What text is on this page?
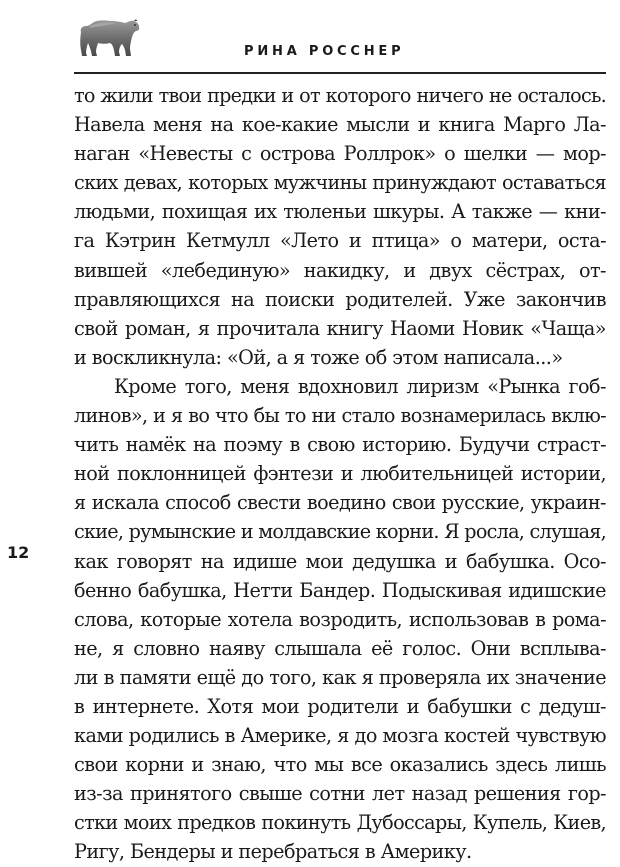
РИНА РОССНЕР
12
то жили твои предки и от которого ничего не осталось.
Навела меня на кое-какие мысли и книга Марго Ла-
наган «Невесты с острова Роллрок» о шелки — мор-
ских девах, которых мужчины принуждают оставаться
людьми, похищая их тюленьи шкуры. А также — кни-
га Кэтрин Кетмулл «Лето и птица» о матери, оста-
вившей «лебединую» накидку, и двух сёстрах, от-
правляющихся на поиски родителей. Уже закончив
свой роман, я прочитала книгу Наоми Новик «Чаща»
и воскликнула: «Ой, а я тоже об этом написала...»
Кроме того, меня вдохновил лиризм «Рынка гоб-
линов», и я во что бы то ни стало вознамерилась вклю-
чить намёк на поэму в свою историю. Будучи страст-
ной поклонницей фэнтези и любительницей истории,
я искала способ свести воедино свои русские, украин-
ские, румынские и молдавские корни. Я росла, слушая,
как говорят на идише мои дедушка и бабушка. Осо-
бенно бабушка, Нетти Бандер. Подыскивая идишские
слова, которые хотела возродить, использовав в рома-
не, я словно наяву слышала её голос. Они всплыва-
ли в памяти ещё до того, как я проверяла их значение
в интернете. Хотя мои родители и бабушки с дедуш-
ками родились в Америке, я до мозга костей чувствую
свои корни и знаю, что мы все оказались здесь лишь
из-за принятого свыше сотни лет назад решения гор-
стки моих предков покинуть Дубоссары, Купель, Киев,
Ригу, Бендеры и перебраться в Америку.
